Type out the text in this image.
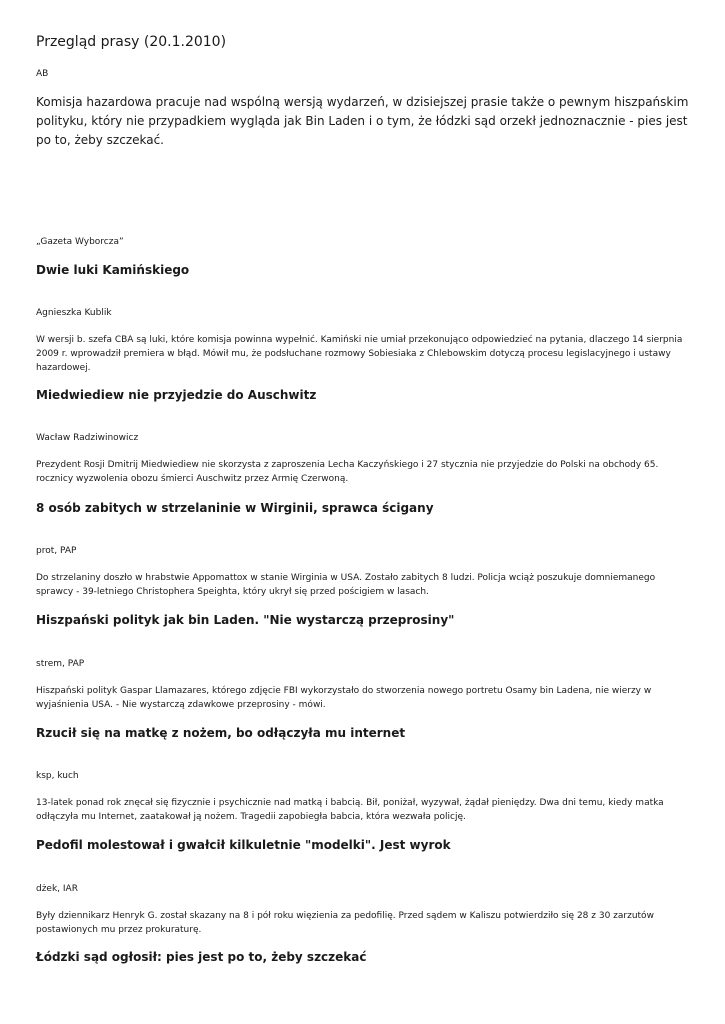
Przegląd prasy (20.1.2010)
AB
Komisja hazardowa pracuje nad wspólną wersją wydarzeń, w dzisiejszej prasie także o pewnym hiszpańskim polityku, który nie przypadkiem wygląda jak Bin Laden i o tym, że łódzki sąd orzekł jednoznacznie - pies jest po to, żeby szczekać.
„Gazeta Wyborcza”
Dwie luki Kamińskiego
Agnieszka Kublik
W wersji b. szefa CBA są luki, które komisja powinna wypełnić. Kamiński nie umiał przekonująco odpowiedzieć na pytania, dlaczego 14 sierpnia 2009 r. wprowadził premiera w błąd. Mówił mu, że podsłuchane rozmowy Sobiesiaka z Chlebowskim dotyczą procesu legislacyjnego i ustawy hazardowej.
Miedwiediew nie przyjedzie do Auschwitz
Wacław Radziwinowicz
Prezydent Rosji Dmitrij Miedwiediew nie skorzysta z zaproszenia Lecha Kaczyńskiego i 27 stycznia nie przyjedzie do Polski na obchody 65. rocznicy wyzwolenia obozu śmierci Auschwitz przez Armię Czerwoną.
8 osób zabitych w strzelaninie w Wirginii, sprawca ścigany
prot, PAP
Do strzelaniny doszło w hrabstwie Appomattox w stanie Wirginia w USA. Zostało zabitych 8 ludzi. Policja wciąż poszukuje domniemanego sprawcy - 39-letniego Christophera Speighta, który ukrył się przed pościgiem w lasach.
Hiszpański polityk jak bin Laden. "Nie wystarczą przeprosiny"
strem, PAP
Hiszpański polityk Gaspar Llamazares, którego zdjęcie FBI wykorzystało do stworzenia nowego portretu Osamy bin Ladena, nie wierzy w wyjaśnienia USA. - Nie wystarczą zdawkowe przeprosiny - mówi.
Rzucił się na matkę z nożem, bo odłączyła mu internet
ksp, kuch
13-latek ponad rok znęcał się fizycznie i psychicznie nad matką i babcią. Bił, poniżał, wyzywał, żądał pieniędzy. Dwa dni temu, kiedy matka odłączyła mu Internet, zaatakował ją nożem. Tragedii zapobiegła babcia, która wezwała policję.
Pedofil molestował i gwałcił kilkuletnie "modelki". Jest wyrok
dżek, IAR
Były dziennikarz Henryk G. został skazany na 8 i pół roku więzienia za pedofilię. Przed sądem w Kaliszu potwierdziło się 28 z 30 zarzutów postawionych mu przez prokuraturę.
Łódzki sąd ogłosił: pies jest po to, żeby szczekać
